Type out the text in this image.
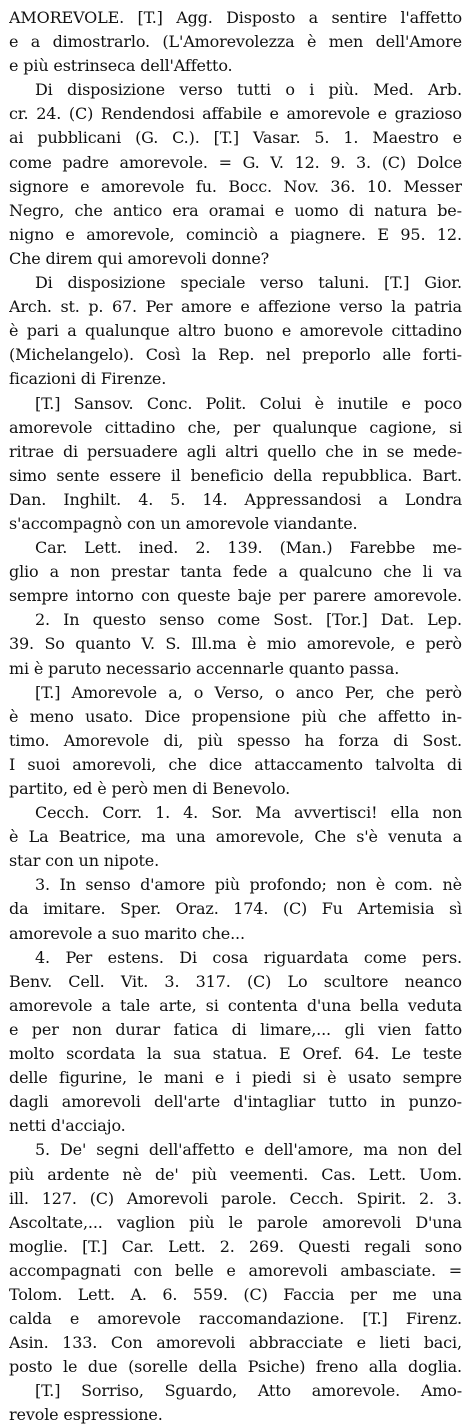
AMOREVOLE. [T.] Agg. Disposto a sentire l'affetto
e a dimostrarlo. (L'Amorevolezza è men dell'Amore
e più estrinseca dell'Affetto.
Di disposizione verso tutti o i più. Med. Arb.
cr. 24. (C) Rendendosi affabile e amorevole e grazioso
ai pubblicani (G. C.). [T.] Vasar. 5. 1. Maestro e
come padre amorevole. = G. V. 12. 9. 3. (C) Dolce
signore e amorevole fu. Bocc. Nov. 36. 10. Messer
Negro, che antico era oramai e uomo di natura be-
nigno e amorevole, cominciò a piagnere. E 95. 12.
Che direm qui amorevoli donne?
Di disposizione speciale verso taluni. [T.] Gior.
Arch. st. p. 67. Per amore e affezione verso la patria
è pari a qualunque altro buono e amorevole cittadino
(Michelangelo). Così la Rep. nel preporlo alle forti-
ficazioni di Firenze.
[T.] Sansov. Conc. Polit. Colui è inutile e poco
amorevole cittadino che, per qualunque cagione, si
ritrae di persuadere agli altri quello che in se mede-
simo sente essere il beneficio della repubblica. Bart.
Dan. Inghilt. 4. 5. 14. Appressandosi a Londra
s'accompagnò con un amorevole viandante.
Car. Lett. ined. 2. 139. (Man.) Farebbe me-
glio a non prestar tanta fede a qualcuno che li va
sempre intorno con queste baje per parere amorevole.
2. In questo senso come Sost. [Tor.] Dat. Lep.
39. So quanto V. S. Ill.ma è mio amorevole, e però
mi è paruto necessario accennarle quanto passa.
[T.] Amorevole a, o Verso, o anco Per, che però
è meno usato. Dice propensione più che affetto in-
timo. Amorevole di, più spesso ha forza di Sost.
I suoi amorevoli, che dice attaccamento talvolta di
partito, ed è però men di Benevolo.
Cecch. Corr. 1. 4. Sor. Ma avvertisci! ella non
è La Beatrice, ma una amorevole, Che s'è venuta a
star con un nipote.
3. In senso d'amore più profondo; non è com. nè
da imitare. Sper. Oraz. 174. (C) Fu Artemisia sì
amorevole a suo marito che...
4. Per estens. Di cosa riguardata come pers.
Benv. Cell. Vit. 3. 317. (C) Lo scultore neanco
amorevole a tale arte, si contenta d'una bella veduta
e per non durar fatica di limare,... gli vien fatto
molto scordata la sua statua. E Oref. 64. Le teste
delle figurine, le mani e i piedi si è usato sempre
dagli amorevoli dell'arte d'intagliar tutto in punzo-
netti d'acciajo.
5. De' segni dell'affetto e dell'amore, ma non del
più ardente nè de' più veementi. Cas. Lett. Uom.
ill. 127. (C) Amorevoli parole. Cecch. Spirit. 2. 3.
Ascoltate,... vaglion più le parole amorevoli D'una
moglie. [T.] Car. Lett. 2. 269. Questi regali sono
accompagnati con belle e amorevoli ambasciate. =
Tolom. Lett. A. 6. 559. (C) Faccia per me una
calda e amorevole raccomandazione. [T.] Firenz.
Asin. 133. Con amorevoli abbracciate e lieti baci,
posto le due (sorelle della Psiche) freno alla doglia.
[T.] Sorriso, Sguardo, Atto amorevole. Amo-
revole espressione.
